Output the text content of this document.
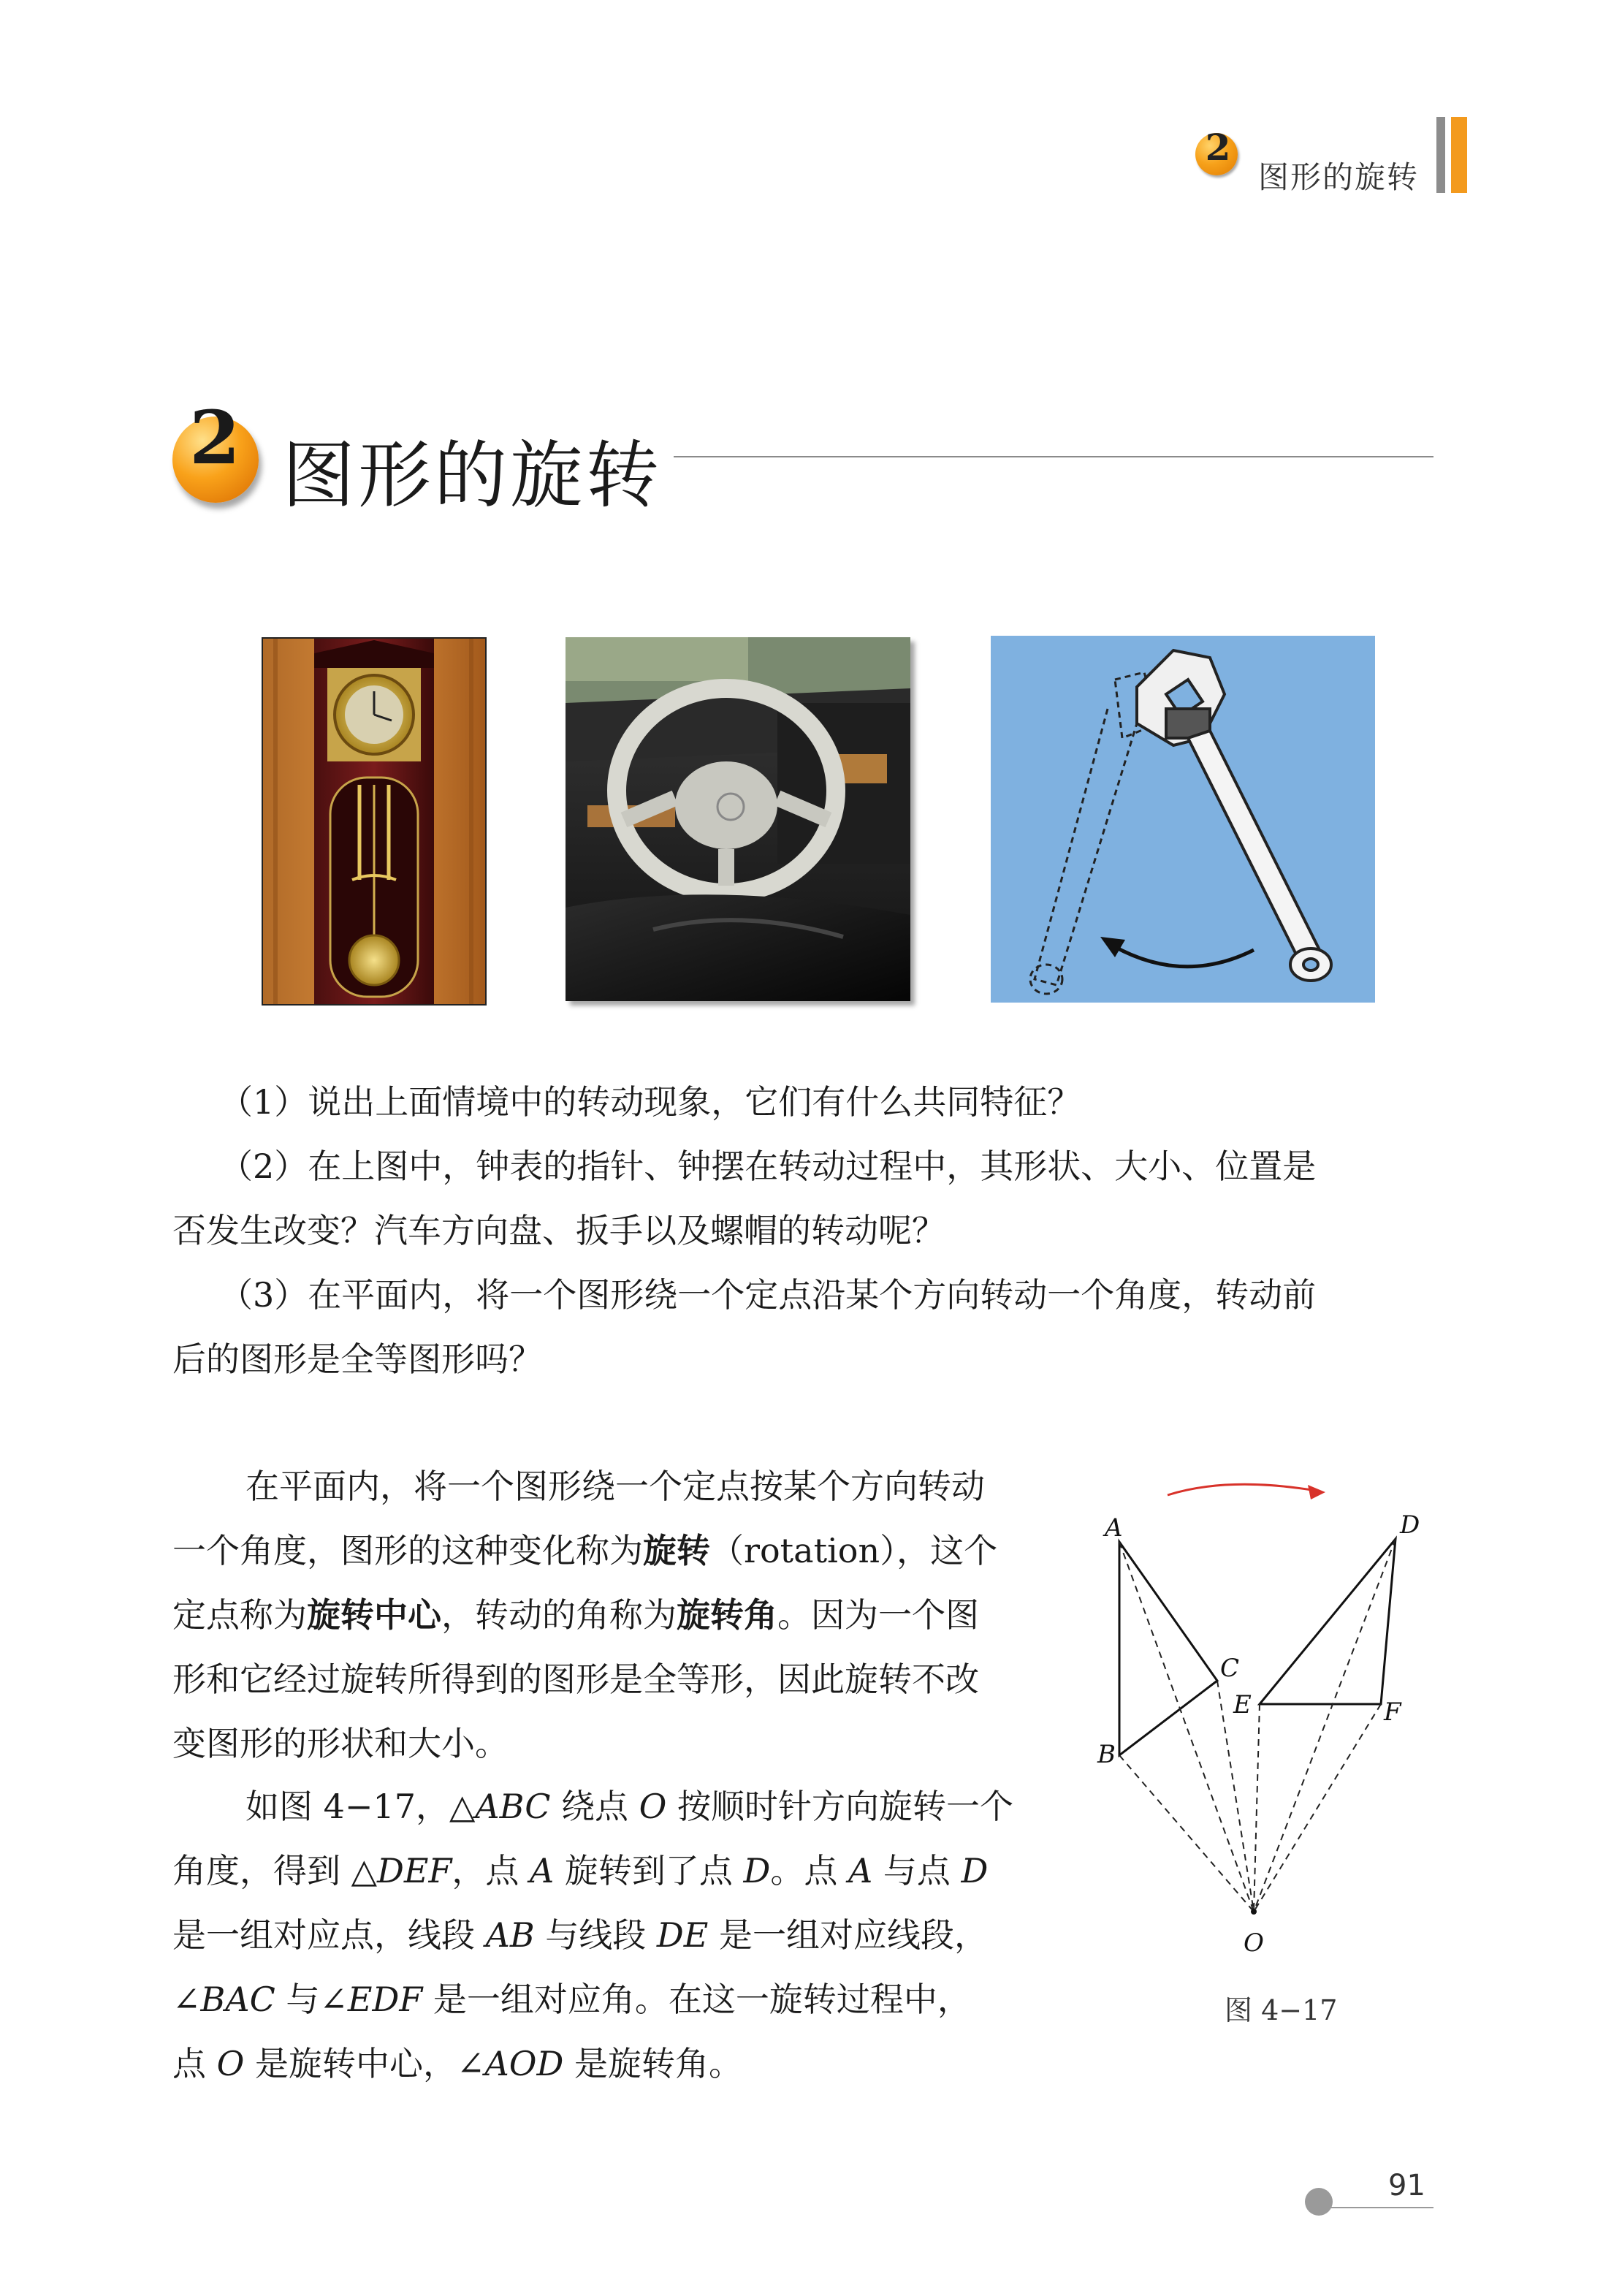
2
图形的旋转
2 图形的旋转
（1）说出上面情境中的转动现象，它们有什么共同特征？
（2）在上图中，钟表的指针、钟摆在转动过程中，其形状、大小、位置是
否发生改变？汽车方向盘、扳手以及螺帽的转动呢？
（3）在平面内，将一个图形绕一个定点沿某个方向转动一个角度，转动前
后的图形是全等图形吗？
在平面内，将一个图形绕一个定点按某个方向转动
一个角度，图形的这种变化称为旋转（rotation），这个
定点称为旋转中心，转动的角称为旋转角。因为一个图
形和它经过旋转所得到的图形是全等形，因此旋转不改
变图形的形状和大小。
如图 4−17，△ABC 绕点 O 按顺时针方向旋转一个
角度，得到 △DEF，点 A 旋转到了点 D。点 A 与点 D
是一组对应点，线段 AB 与线段 DE 是一组对应线段，
∠BAC 与∠EDF 是一组对应角。在这一旋转过程中，
点 O 是旋转中心，∠AOD 是旋转角。
A
B
C
D
E	F
O
图 4−17
91
